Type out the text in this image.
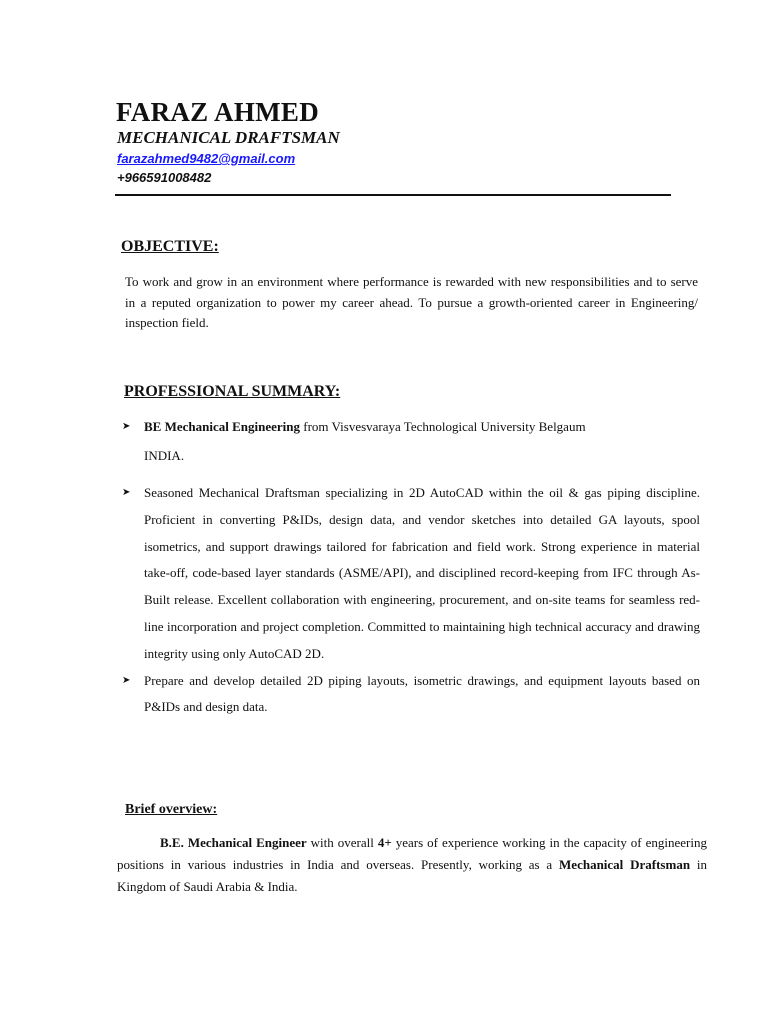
FARAZ AHMED
MECHANICAL DRAFTSMAN
farazahmed9482@gmail.com
+966591008482
OBJECTIVE:
To work and grow in an environment where performance is rewarded with new responsibilities and to serve in a reputed organization to power my career ahead. To pursue a growth-oriented career in Engineering/ inspection field.
PROFESSIONAL SUMMARY:
➤ BE Mechanical Engineering from Visvesvaraya Technological University Belgaum
INDIA.
➤ Seasoned Mechanical Draftsman specializing in 2D AutoCAD within the oil & gas piping discipline. Proficient in converting P&IDs, design data, and vendor sketches into detailed GA layouts, spool isometrics, and support drawings tailored for fabrication and field work. Strong experience in material take-off, code-based layer standards (ASME/API), and disciplined record-keeping from IFC through As-Built release. Excellent collaboration with engineering, procurement, and on-site teams for seamless red-line incorporation and project completion. Committed to maintaining high technical accuracy and drawing integrity using only AutoCAD 2D.
➤ Prepare and develop detailed 2D piping layouts, isometric drawings, and equipment layouts based on P&IDs and design data.
Brief overview:
B.E. Mechanical Engineer with overall 4+ years of experience working in the capacity of engineering positions in various industries in India and overseas. Presently, working as a Mechanical Draftsman in Kingdom of Saudi Arabia & India.
